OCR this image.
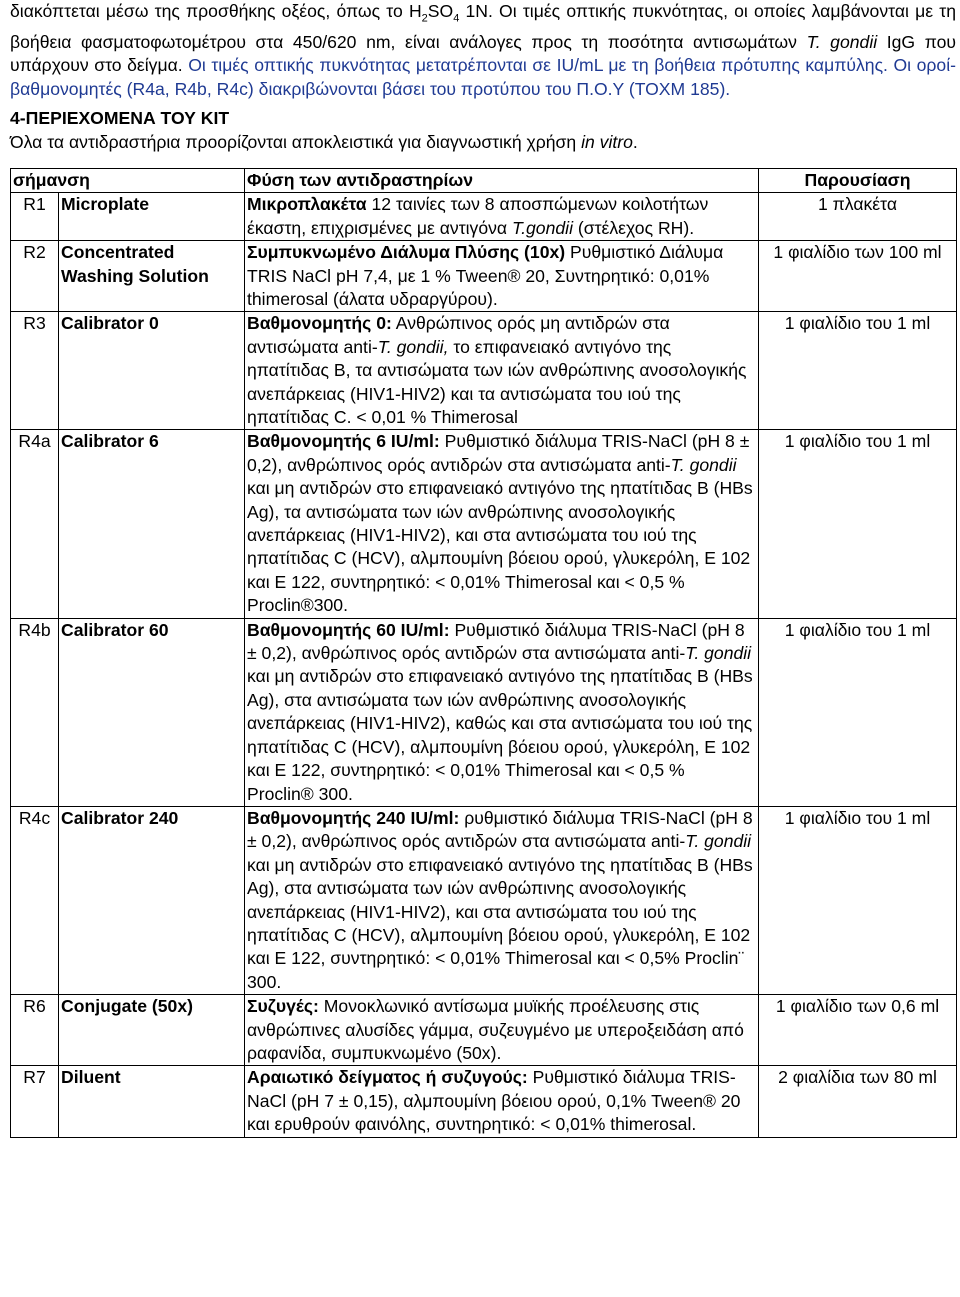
διακόπτεται μέσω της προσθήκης οξέος, όπως το $H_2SO_4$ 1N. Οι τιμές οπτικής πυκνότητας, οι οποίες λαμβάνονται με τη βοήθεια φασματοφωτομέτρου στα 450/620 nm, είναι ανάλογες προς τη ποσότητα αντισωμάτων T. gondii IgG που υπάρχουν στο δείγμα. Οι τιμές οπτικής πυκνότητας μετατρέπονται σε IU/mL με τη βοήθεια πρότυπης καμπύλης. Οι οροί-βαθμονομητές (R4a, R4b, R4c) διακριβώνονται βάσει του προτύπου του Π.Ο.Υ (TOXM 185).

4-ΠΕΡΙΕΧΟΜΕΝΑ ΤΟΥ KIT
Όλα τα αντιδραστήρια προορίζονται αποκλειστικά για διαγνωστική χρήση in vitro.
σήμανση		Φύση των αντιδραστηρίων	Παρουσίαση
R1	Microplate	Μικροπλακέτα 12 ταινίες των 8 αποσπώμενων κοιλοτήτων έκαστη, επιχρισμένες με αντιγόνα T.gondii (στέλεχος RH).	1 πλακέτα
R2	Concentrated Washing Solution	Συμπυκνωμένο Διάλυμα Πλύσης (10x) Ρυθμιστικό Διάλυμα TRIS NaCl pH 7,4, με 1 % Tween® 20, Συντηρητικό: 0,01% thimerosal (άλατα υδραργύρου).	1 φιαλίδιο των 100 ml
R3	Calibrator 0	Βαθμονομητής 0: Ανθρώπινος ορός μη αντιδρών στα αντισώματα anti-T. gondii, το επιφανειακό αντιγόνο της ηπατίτιδας Β, τα αντισώματα των ιών ανθρώπινης ανοσολογικής ανεπάρκειας (HIV1-HIV2) και τα αντισώματα του ιού της ηπατίτιδας C. < 0,01 % Thimerosal	1 φιαλίδιο του 1 ml
R4a	Calibrator 6	Βαθμονομητής 6 IU/ml: Ρυθμιστικό διάλυμα TRIS-NaCl (pH 8 ± 0,2), ανθρώπινος ορός αντιδρών στα αντισώματα anti-T. gondii και μη αντιδρών στο επιφανειακό αντιγόνο της ηπατίτιδας Β (HBs Ag), τα αντισώματα των ιών ανθρώπινης ανοσολογικής ανεπάρκειας (HIV1-HIV2), και στα αντισώματα του ιού της ηπατίτιδας C (HCV), αλμπουμίνη βόειου ορού, γλυκερόλη, E 102 και E 122, συντηρητικό: < 0,01% Thimerosal και < 0,5 % Proclin®300.	1 φιαλίδιο του 1 ml
R4b	Calibrator 60	Βαθμονομητής 60 IU/ml: Ρυθμιστικό διάλυμα TRIS-NaCl (pH 8 ± 0,2), ανθρώπινος ορός αντιδρών στα αντισώματα anti-T. gondii και μη αντιδρών στο επιφανειακό αντιγόνο της ηπατίτιδας Β (HBs Ag), στα αντισώματα των ιών ανθρώπινης ανοσολογικής ανεπάρκειας (HIV1-HIV2), καθώς και στα αντισώματα του ιού της ηπατίτιδας C (HCV), αλμπουμίνη βόειου ορού, γλυκερόλη, E 102 και E 122, συντηρητικό: < 0,01% Thimerosal και < 0,5 % Proclin® 300.	1 φιαλίδιο του 1 ml
R4c	Calibrator 240	Βαθμονομητής 240 IU/ml: ρυθμιστικό διάλυμα TRIS-NaCl (pH 8 ± 0,2), ανθρώπινος ορός αντιδρών στα αντισώματα anti-T. gondii και μη αντιδρών στο επιφανειακό αντιγόνο της ηπατίτιδας Β (HBs Ag), στα αντισώματα των ιών ανθρώπινης ανοσολογικής ανεπάρκειας (HIV1-HIV2), και στα αντισώματα του ιού της ηπατίτιδας C (HCV), αλμπουμίνη βόειου ορού, γλυκερόλη, E 102 και E 122, συντηρητικό: < 0,01% Thimerosal και < 0,5% Proclin¨ 300.	1 φιαλίδιο του 1 ml
R6	Conjugate (50x)	Συζυγές: Μονοκλωνικό αντίσωμα μυϊκής προέλευσης στις ανθρώπινες αλυσίδες γάμμα, συζευγμένο με υπεροξειδάση από ραφανίδα, συμπυκνωμένο (50x).	1 φιαλίδιο των 0,6 ml
R7	Diluent	Αραιωτικό δείγματος ή συζυγούς: Ρυθμιστικό διάλυμα TRIS-NaCl (pH 7 ± 0,15), αλμπουμίνη βόειου ορού, 0,1% Tween® 20 και ερυθρούν φαινόλης, συντηρητικό: < 0,01% thimerosal.	2 φιαλίδια των 80 ml
